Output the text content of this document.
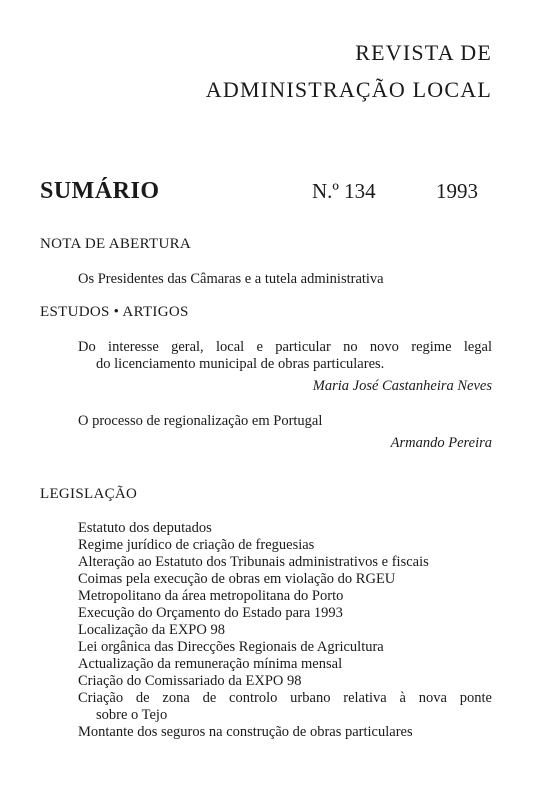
REVISTA DE
ADMINISTRAÇÃO LOCAL
SUMÁRIO	N.º 134	1993
NOTA DE ABERTURA
Os Presidentes das Câmaras e a tutela administrativa
ESTUDOS • ARTIGOS
Do interesse geral, local e particular no novo regime legal
do licenciamento municipal de obras particulares.
Maria José Castanheira Neves
O processo de regionalização em Portugal
Armando Pereira
LEGISLAÇÃO
Estatuto dos deputados
Regime jurídico de criação de freguesias
Alteração ao Estatuto dos Tribunais administrativos e fiscais
Coimas pela execução de obras em violação do RGEU
Metropolitano da área metropolitana do Porto
Execução do Orçamento do Estado para 1993
Localização da EXPO 98
Lei orgânica das Direcções Regionais de Agricultura
Actualização da remuneração mínima mensal
Criação do Comissariado da EXPO 98
Criação de zona de controlo urbano relativa à nova ponte
sobre o Tejo
Montante dos seguros na construção de obras particulares
